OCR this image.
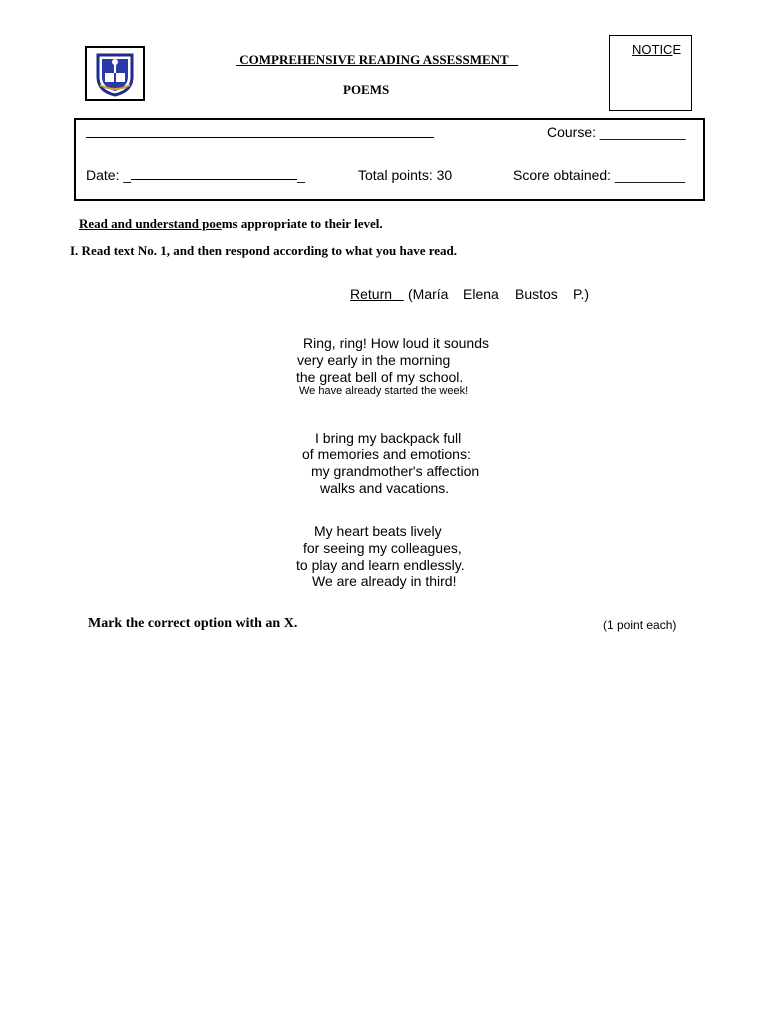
COMPREHENSIVE READING ASSESSMENT
POEMS
NOTICE
Course: ___________
Date: _	_	Total points: 30	Score obtained: _________
Read and understand poems appropriate to their level.
I. Read text No. 1, and then respond according to what you have read.
Return	(María Elena Bustos P.)
Ring, ring! How loud it sounds
very early in the morning
the great bell of my school.
We have already started the week!
I bring my backpack full
of memories and emotions:
my grandmother's affection
walks and vacations.
My heart beats lively
for seeing my colleagues,
to play and learn endlessly.
We are already in third!
Mark the correct option with an X.	(1 point each)
